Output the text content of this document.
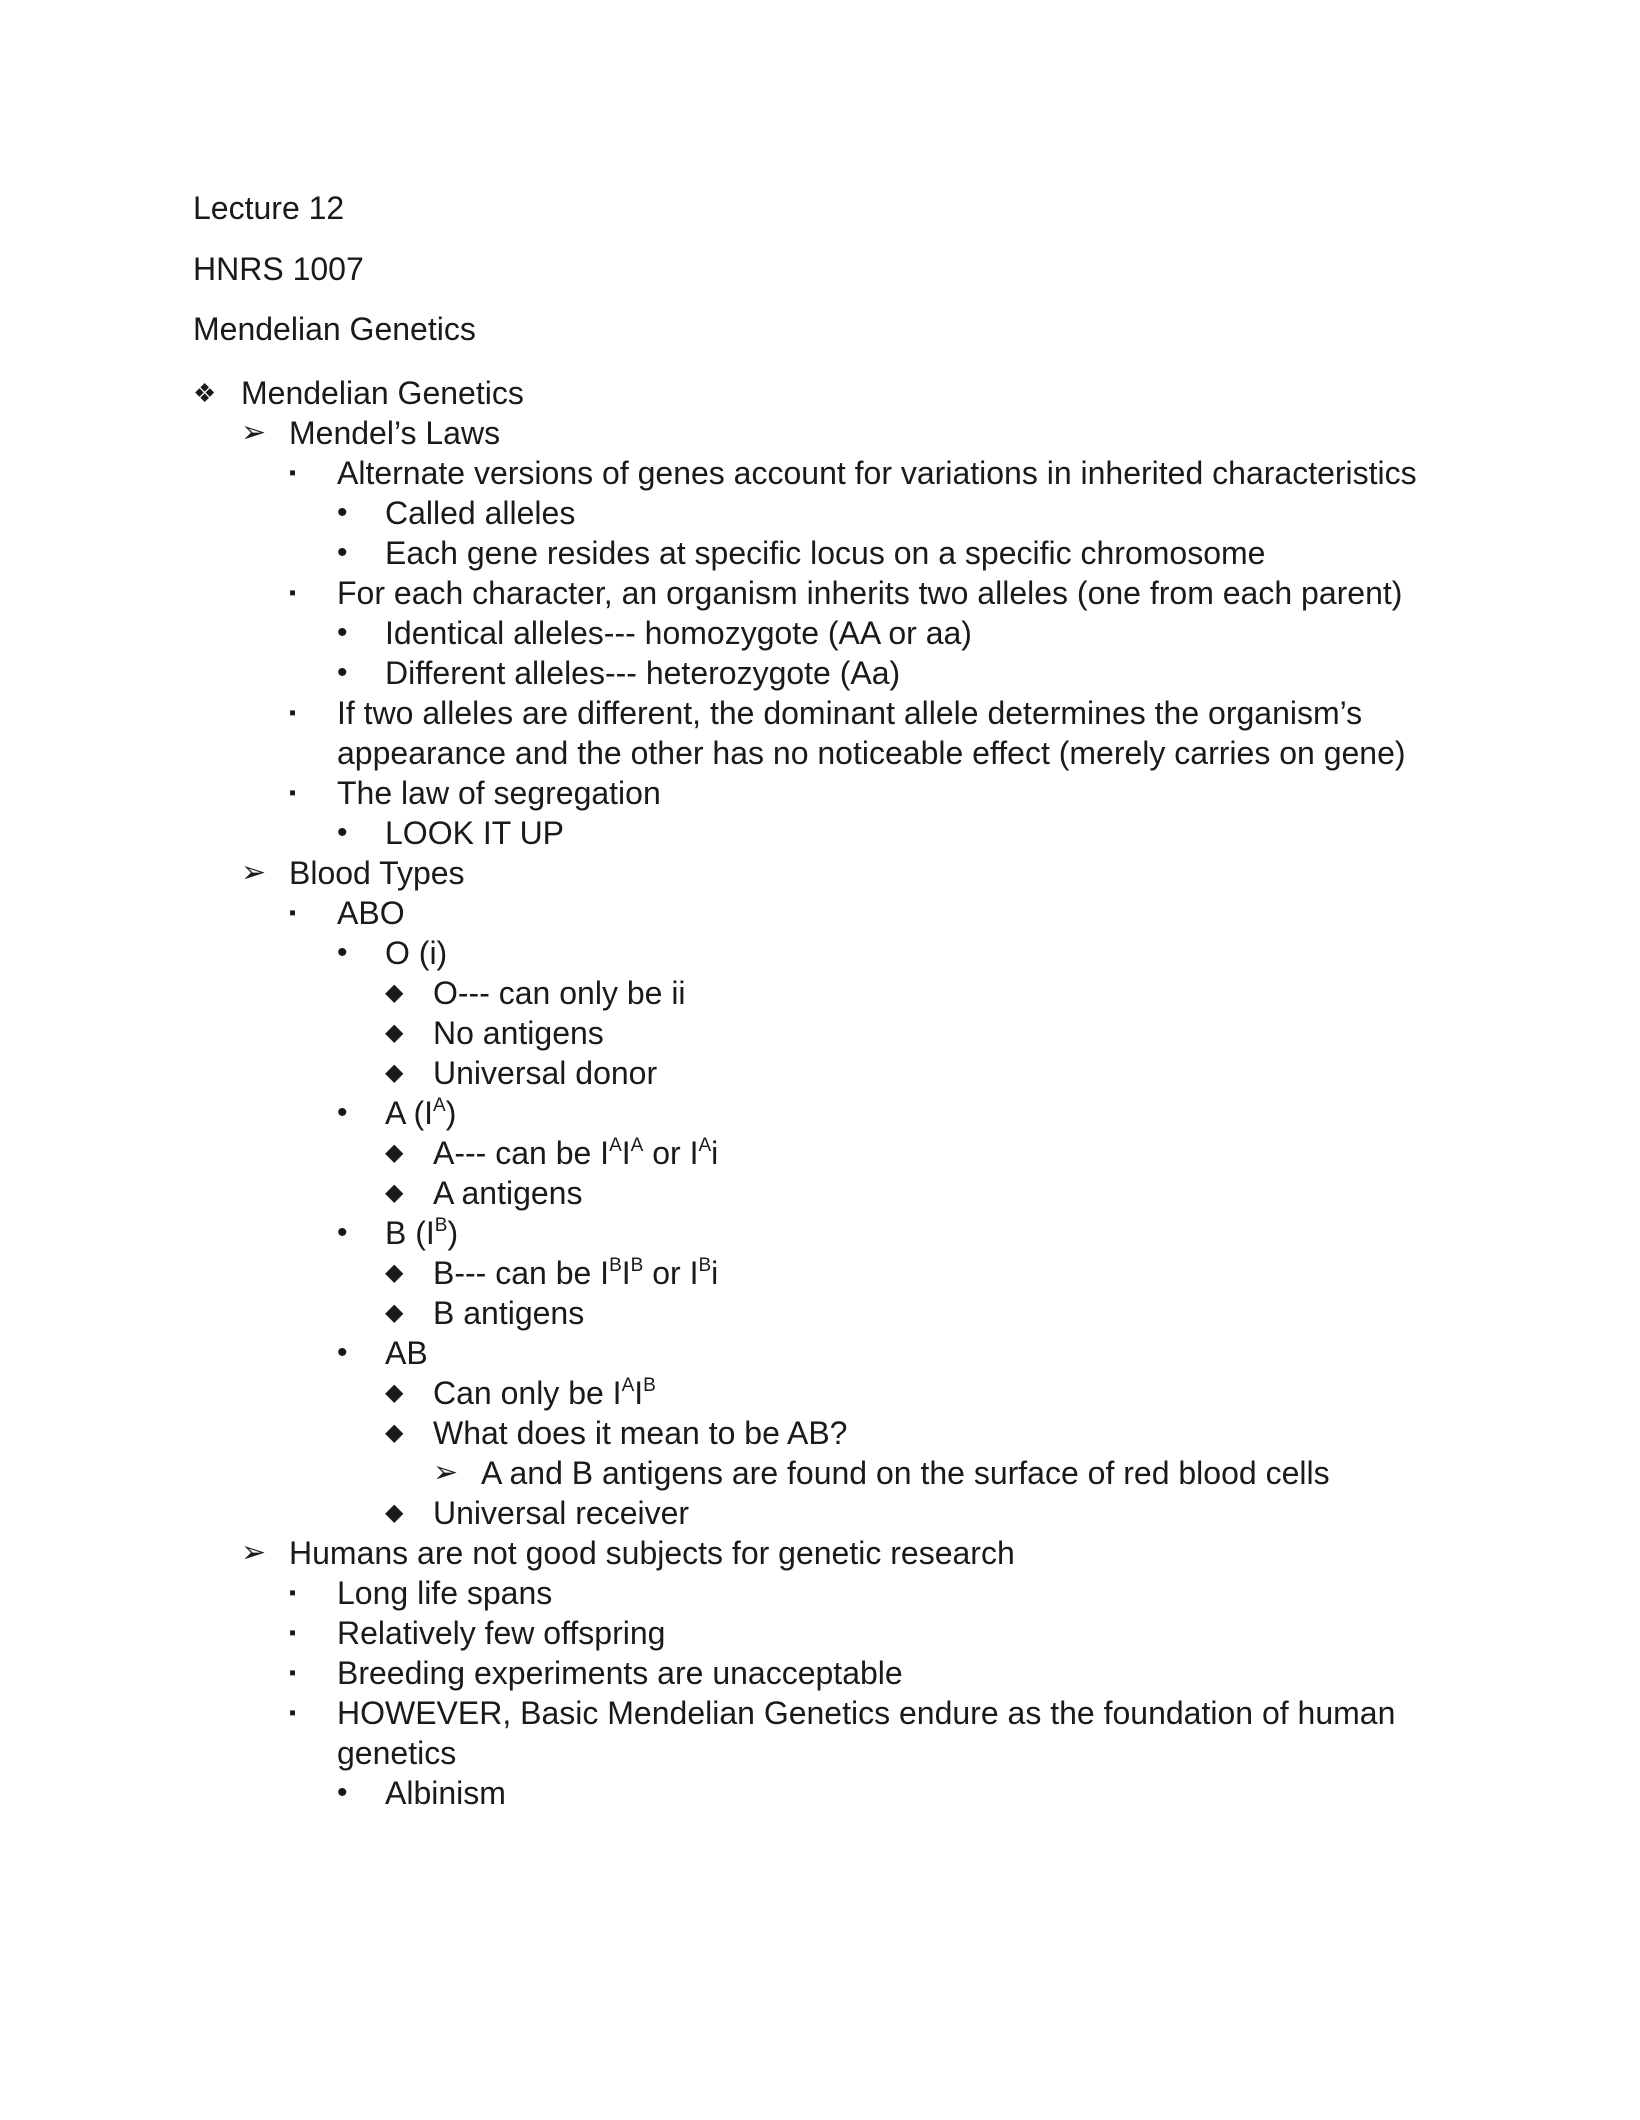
Lecture 12
HNRS 1007
Mendelian Genetics
❖ Mendelian Genetics
➢ Mendel’s Laws
▪	Alternate versions of genes account for variations in inherited characteristics
•	Called alleles
•	Each gene resides at specific locus on a specific chromosome
▪	For each character, an organism inherits two alleles (one from each parent)
•	Identical alleles--- homozygote (AA or aa)
•	Different alleles--- heterozygote (Aa)
▪	If two alleles are different, the dominant allele determines the organism’s appearance and the other has no noticeable effect (merely carries on gene)
▪	The law of segregation
•	LOOK IT UP
➢ Blood Types
▪	ABO
•	O (i)
◆ O--- can only be ii
◆ No antigens
◆ Universal donor
•	A $(I^A)$
◆ A--- can be $I^AI^A$ or $I^Ai$
◆ A antigens
•	B $(I^B)$
◆ B--- can be $I^BI^B$ or $I^Bi$
◆ B antigens
•	AB
◆ Can only be $I^AI^B$
◆ What does it mean to be AB?
➢ A and B antigens are found on the surface of red blood cells
◆ Universal receiver
➢ Humans are not good subjects for genetic research
▪	Long life spans
▪	Relatively few offspring
▪	Breeding experiments are unacceptable
▪	HOWEVER, Basic Mendelian Genetics endure as the foundation of human genetics
•	Albinism
